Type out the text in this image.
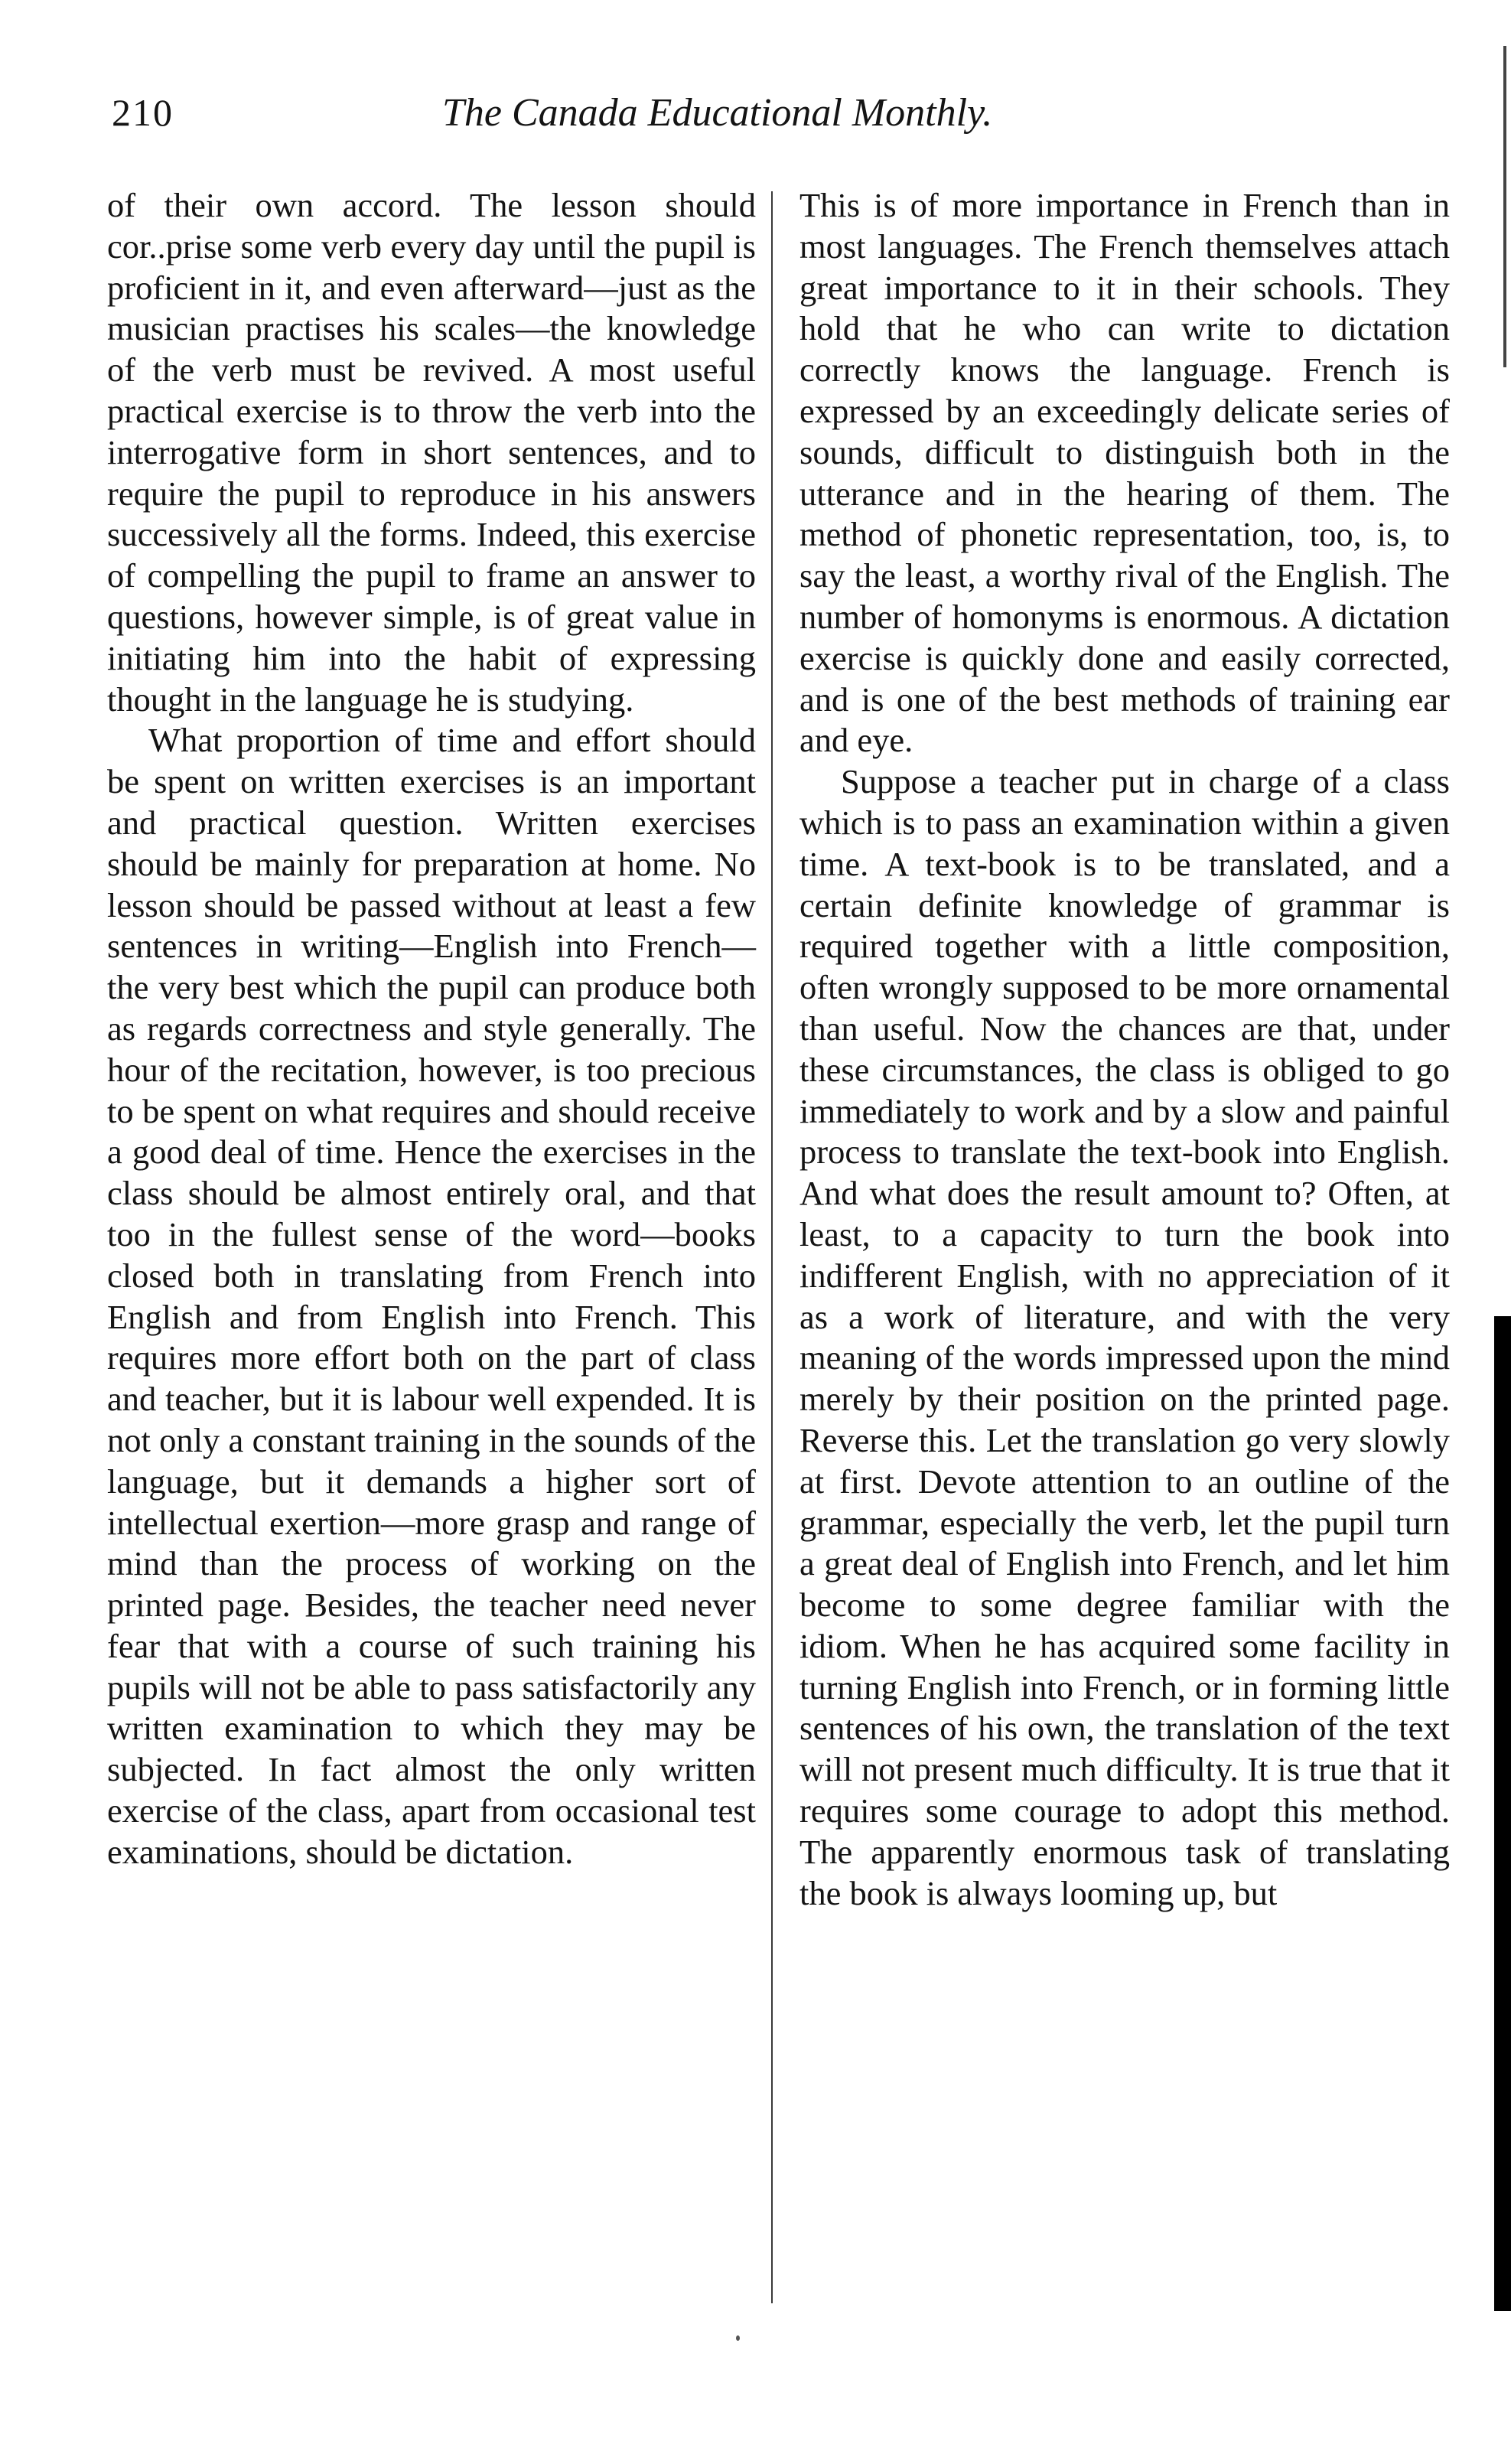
210	The Canada Educational Monthly.

of their own accord. The lesson should cor..prise some verb every day until the pupil is proficient in it, and even afterward—just as the musician practises his scales—the knowledge of the verb must be revived. A most useful practical exercise is to throw the verb into the interrogative form in short sentences, and to require the pupil to reproduce in his answers successively all the forms. Indeed, this exercise of compelling the pupil to frame an answer to questions, however simple, is of great value in initiating him into the habit of expressing thought in the language he is studying.

What proportion of time and effort should be spent on written exercises is an important and practical question. Written exercises should be mainly for preparation at home. No lesson should be passed without at least a few sentences in writing—English into French—the very best which the pupil can produce both as regards correctness and style generally. The hour of the recitation, however, is too precious to be spent on what requires and should receive a good deal of time. Hence the exercises in the class should be almost entirely oral, and that too in the fullest sense of the word—books closed both in translating from French into English and from English into French. This requires more effort both on the part of class and teacher, but it is labour well expended. It is not only a constant training in the sounds of the language, but it demands a higher sort of intellectual exertion—more grasp and range of mind than the process of working on the printed page. Besides, the teacher need never fear that with a course of such training his pupils will not be able to pass satisfactorily any written examination to which they may be subjected. In fact almost the only written exercise of the class, apart from occasional test examinations, should be dictation.

This is of more importance in French than in most languages. The French themselves attach great importance to it in their schools. They hold that he who can write to dictation correctly knows the language. French is expressed by an exceedingly delicate series of sounds, difficult to distinguish both in the utterance and in the hearing of them. The method of phonetic representation, too, is, to say the least, a worthy rival of the English. The number of homonyms is enormous. A dictation exercise is quickly done and easily corrected, and is one of the best methods of training ear and eye.

Suppose a teacher put in charge of a class which is to pass an examination within a given time. A text-book is to be translated, and a certain definite knowledge of grammar is required together with a little composition, often wrongly supposed to be more ornamental than useful. Now the chances are that, under these circumstances, the class is obliged to go immediately to work and by a slow and painful process to translate the text-book into English. And what does the result amount to? Often, at least, to a capacity to turn the book into indifferent English, with no appreciation of it as a work of literature, and with the very meaning of the words impressed upon the mind merely by their position on the printed page. Reverse this. Let the translation go very slowly at first. Devote attention to an outline of the grammar, especially the verb, let the pupil turn a great deal of English into French, and let him become to some degree familiar with the idiom. When he has acquired some facility in turning English into French, or in forming little sentences of his own, the translation of the text will not present much difficulty. It is true that it requires some courage to adopt this method. The apparently enormous task of translating the book is always looming up, but
